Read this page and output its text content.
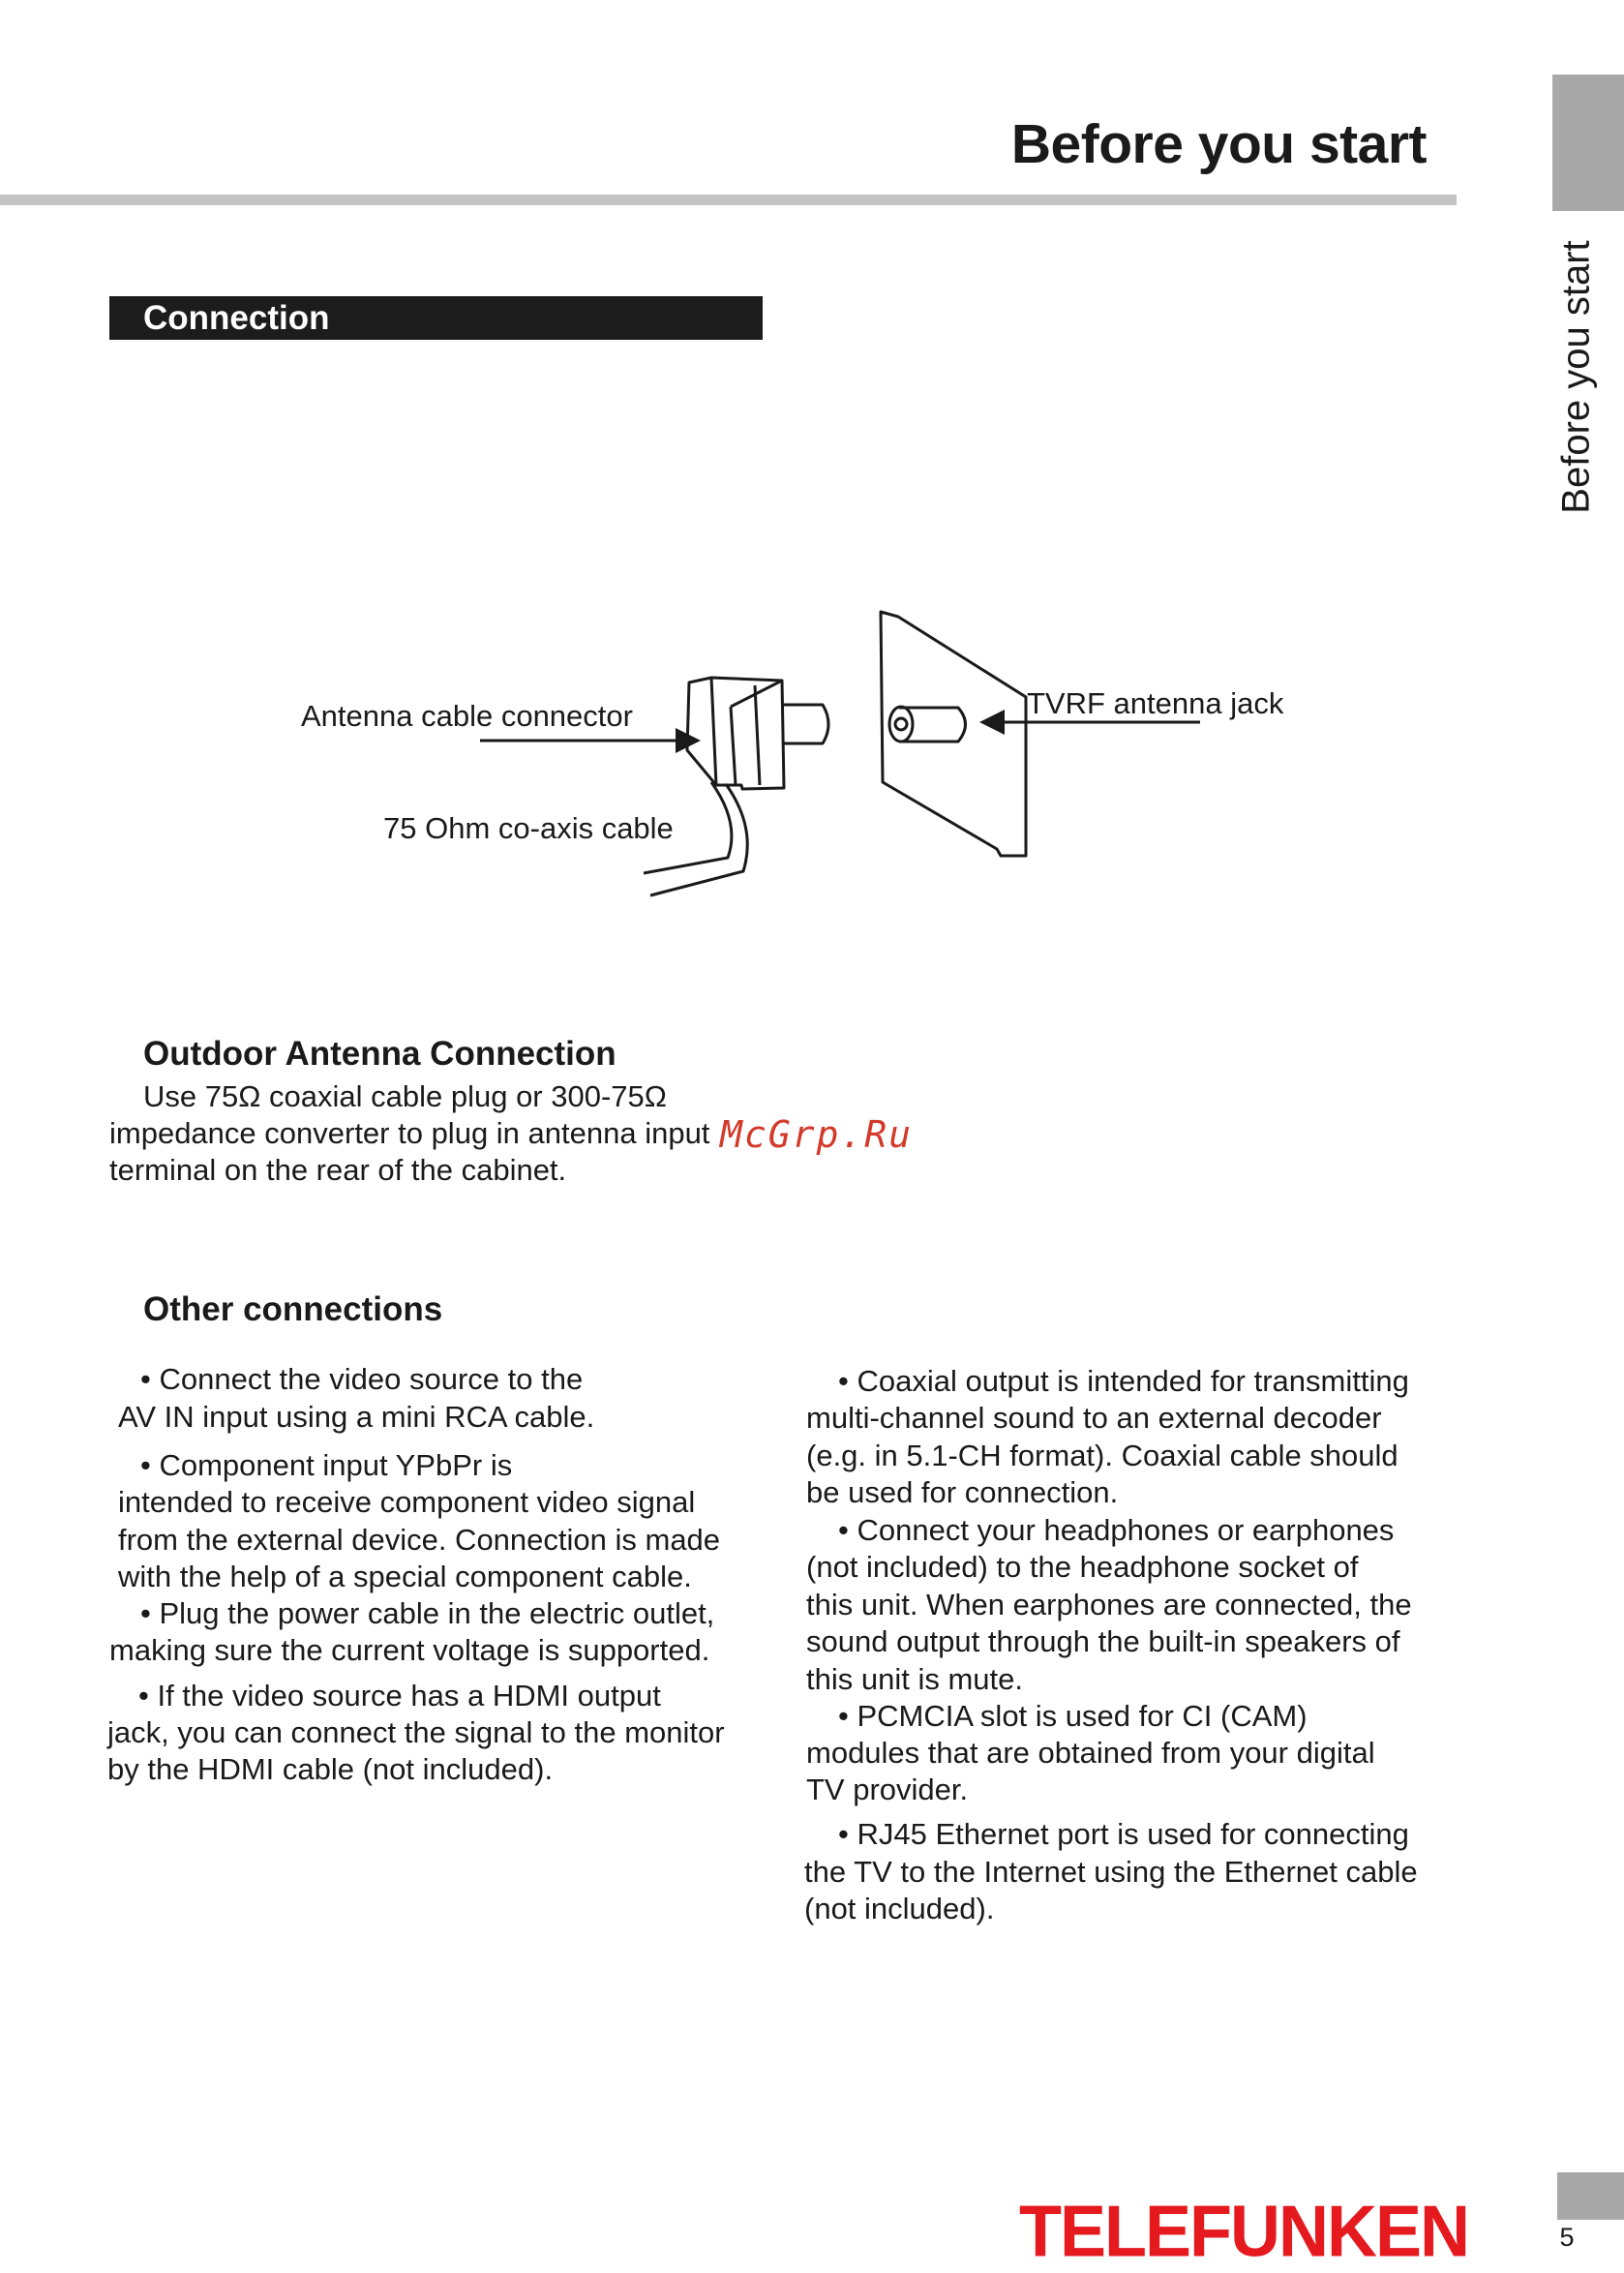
Before you start
Before you start
Connection
Antenna cable connector
75 Ohm co-axis cable
TVRF antenna jack
Outdoor Antenna Connection
Use 75Ω coaxial cable plug or 300-75Ω
impedance converter to plug in antenna input
terminal on the rear of the cabinet.
McGrp.Ru
Other connections
• Connect the video source to the
AV IN input using a mini RCA cable.
• Component input YPbPr is
intended to receive component video signal
from the external device. Connection is made
with the help of a special component cable.
• Plug the power cable in the electric outlet,
making sure the current voltage is supported.
• If the video source has a HDMI output
jack, you can connect the signal to the monitor
by the HDMI cable (not included).
• Coaxial output is intended for transmitting
multi-channel sound to an external decoder
(e.g. in 5.1-CH format). Coaxial cable should
be used for connection.
• Connect your headphones or earphones
(not included) to the headphone socket of
this unit. When earphones are connected, the
sound output through the built-in speakers of
this unit is mute.
• PCMCIA slot is used for CI (CAM)
modules that are obtained from your digital
TV provider.
• RJ45 Ethernet port is used for connecting
the TV to the Internet using the Ethernet cable
(not included).
TELEFUNKEN	5
